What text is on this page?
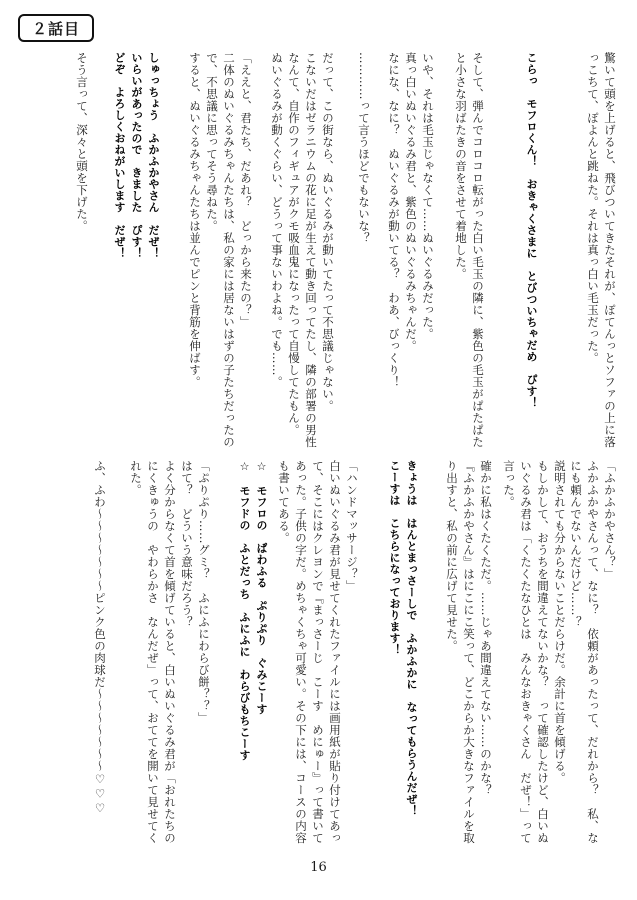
２話目
驚いて頭を上げると、飛びついてきたそれが、ぽてんっとソファの上に落っこちて、ぽよんと跳ねた。それは真っ白い毛玉だった。
こらっ　モフロくん！　おきゃくさまに　とびついちゃだめ　ぴす！
そして、弾んでコロコロ転がった白い毛玉の隣に、紫色の毛玉がぱたぱたと小さな羽ばたきの音をさせて着地した。
いや、それは毛玉じゃなくて……ぬいぐるみだった。
真っ白いぬいぐるみ君と、紫色のぬいぐるみちゃんだ。
なにな、なに？　ぬいぐるみが動いてる？　わあ、びっくり！
…………って言うほどでもないな？
だって、この街なら、ぬいぐるみが動いてたって不思議じゃない。
こないだはゼラニウムの花に足が生えて動き回ってたし、隣の部署の男性なんて、自作のフィギュアがクモ吸血鬼になったって自慢してたもん。
ぬいぐるみが動くぐらい、どうって事ないわよね。でも……。
「ええと、君たち、だあれ？　どっから来たの？」
二体のぬいぐるみちゃんたちは、私の家には居ないはずの子たちだったので、不思議に思ってそう尋ねた。
すると、ぬいぐるみちゃんたちは並んでピンと背筋を伸ばす。
しゅっちょう　ふかふかやさん　だぜ！
いらいがあったので　きました　ぴす！
どぞ　よろしくおねがいします　だぜ！
そう言って、深々と頭を下げた。
「ふかふかやさん？」
ふかふかやさんって、なに？　依頼があったって、だれから？　私、なにも頼んでないんだけど……？
説明されても分からないことだらけだ。余計に首を傾げる。
もしかして、おうちを間違えてないかな？　って確認したけど、白いぬいぐるみ君は「くたくたなひとは　みんなおきゃくさん　だぜ！」って言った。
確かに私はくたくただ。……じゃあ間違えてない……のかな？
『ふかふかやさん』はにこにこ笑って、どこからか大きなファイルを取り出すと、私の前に広げて見せた。
きょうは　はんとまっさーしで　ふかふかに　なってもらうんだぜ！
こーすは　こちらになっております！
「ハンドマッサージ？」
白いぬいぐるみ君が見せてくれたファイルには画用紙が貼り付けてあって、そこにはクレヨンで『まっさーじ　こーす　めにゅー』って書いてあった。子供の字だ。めちゃくちゃ可愛い。その下には、コースの内容も書いてある。
☆　モフロの　ぱわふる　ぷりぷり　ぐみこーす
☆　モフドの　ふとだっち　ふにふに　わらびもちこーす
「ぷりぷり……グミ？　ふにふにわらび餅？？」
はて？　どういう意味だろう？
よく分からなくて首を傾げていると、白いぬいぐるみ君が「おれたちの　にくきゅうの　やわらかさ　なんだぜ」って、おててを開いて見せてくれた。
ふ、ふわ～～～～～～～ピンク色の肉球だ～～～～～～～♡♡♡
16
